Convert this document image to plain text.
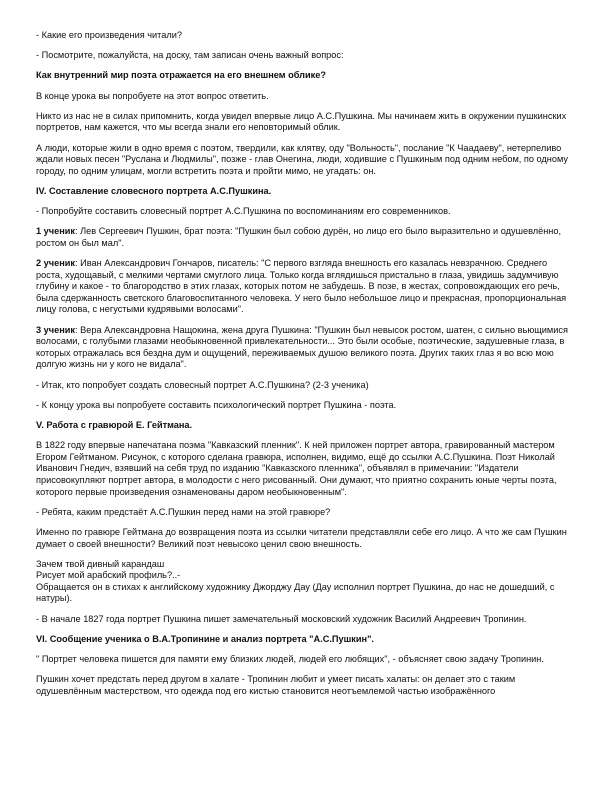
- Какие его произведения читали?

- Посмотрите, пожалуйста, на доску, там записан очень важный вопрос:

Как внутренний мир поэта отражается на его внешнем облике?

В конце урока вы попробуете на этот вопрос ответить.

Никто из нас не в силах припомнить, когда увидел впервые лицо А.С.Пушкина. Мы начинаем жить в окружении пушкинских портретов, нам кажется, что мы всегда знали его неповторимый облик.

А люди, которые жили в одно время с поэтом, твердили, как клятву, оду "Вольность", послание "К Чаадаеву", нетерпеливо ждали новых песен "Руслана и Людмилы", позже - глав Онегина, люди, ходившие с Пушкиным под одним небом, по одному городу, по одним улицам, могли встретить поэта и пройти мимо, не угадать: он.

IV. Составление словесного портрета А.С.Пушкина.

- Попробуйте составить словесный портрет А.С.Пушкина по воспоминаниям его современников.

1 ученик: Лев Сергеевич Пушкин, брат поэта: "Пушкин был собою дурён, но лицо его было выразительно и одушевлённо, ростом он был мал".

2 ученик: Иван Александрович Гончаров, писатель: "С первого взгляда внешность его казалась невзрачною. Среднего роста, худощавый, с мелкими чертами смуглого лица. Только когда вглядишься пристально в глаза, увидишь задумчивую глубину и какое - то благородство в этих глазах, которых потом не забудешь. В позе, в жестах, сопровождающих его речь, была сдержанность светского благовоспитанного человека. У него было небольшое лицо и прекрасная, пропорциональная лицу голова, с негустыми кудрявыми волосами".

3 ученик: Вера Александровна Нащокина, жена друга Пушкина: "Пушкин был невысок ростом, шатен, с сильно вьющимися волосами, с голубыми глазами необыкновенной привлекательности... Это были особые, поэтические, задушевные глаза, в которых отражалась вся бездна дум и ощущений, переживаемых душою великого поэта. Других таких глаз я во всю мою долгую жизнь ни у кого не видала".

- Итак, кто попробует создать словесный портрет А.С.Пушкина? (2-3 ученика)

- К концу урока вы попробуете составить психологический портрет Пушкина - поэта.

V. Работа с гравюрой Е. Гейтмана.

В 1822 году впервые напечатана поэма "Кавказский пленник". К ней приложен портрет автора, гравированный мастером Егором Гейтманом. Рисунок, с которого сделана гравюра, исполнен, видимо, ещё до ссылки А.С.Пушкина. Поэт Николай Иванович Гнедич, взявший на себя труд по изданию "Кавказского пленника", объявлял в примечании: "Издатели присовокупляют портрет автора, в молодости с него рисованный. Они думают, что приятно сохранить юные черты поэта, которого первые произведения ознаменованы даром необыкновенным".

- Ребята, каким предстаёт А.С.Пушкин перед нами на этой гравюре?

Именно по гравюре Гейтмана до возвращения поэта из ссылки читатели представляли себе его лицо. А что же сам Пушкин думает о своей внешности? Великий поэт невысоко ценил свою внешность.

Зачем твой дивный карандаш

Рисует мой арабский профиль?..-

Обращается он в стихах к английскому художнику Джорджу Дау (Дау исполнил портрет Пушкина, до нас не дошедший, с натуры).

- В начале 1827 года портрет Пушкина пишет замечательный московский художник Василий Андреевич Тропинин.

VI. Сообщение ученика о В.А.Тропинине и анализ портрета "А.С.Пушкин".

" Портрет человека пишется для памяти ему близких людей, людей его любящих", - объясняет свою задачу Тропинин.

Пушкин хочет предстать перед другом в халате - Тропинин любит и умеет писать халаты: он делает это с таким одушевлённым мастерством, что одежда под его кистью становится неотъемлемой частью изображённого
